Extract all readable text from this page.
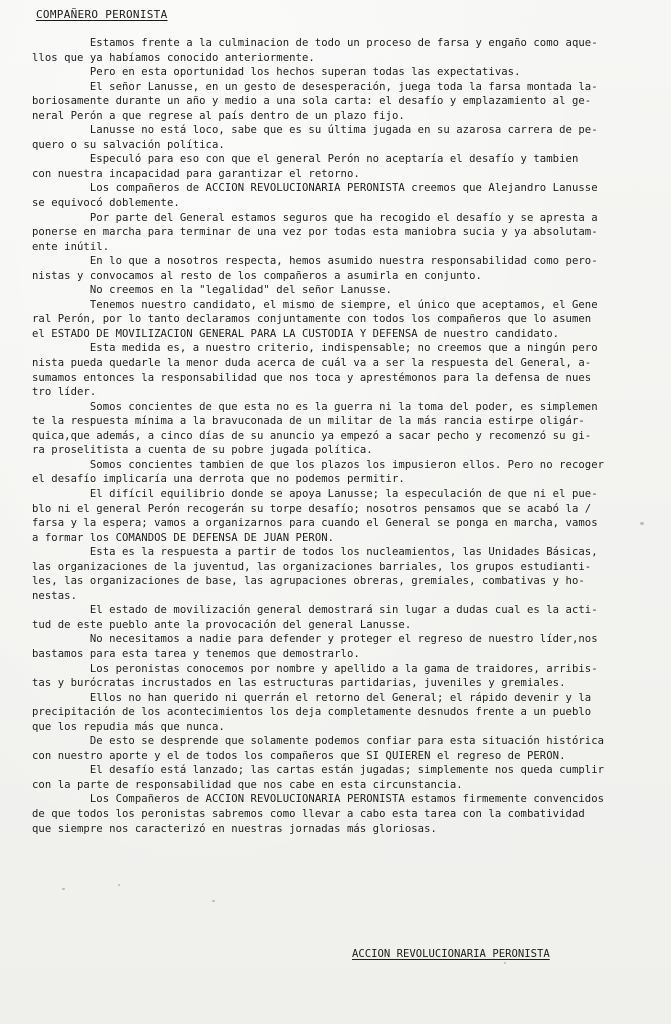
COMPAÑERO PERONISTA
Estamos frente a la culminacion de todo un proceso de farsa y engaño como aque-
llos que ya habíamos conocido anteriormente.
Pero en esta oportunidad los hechos superan todas las expectativas.
El señor Lanusse, en un gesto de desesperación, juega toda la farsa montada la-
boriosamente durante un año y medio a una sola carta: el desafío y emplazamiento al ge-
neral Perón a que regrese al país dentro de un plazo fijo.
Lanusse no está loco, sabe que es su última jugada en su azarosa carrera de pe-
quero o su salvación política.
Especuló para eso con que el general Perón no aceptaría el desafío y tambien
con nuestra incapacidad para garantizar el retorno.
Los compañeros de ACCION REVOLUCIONARIA PERONISTA creemos que Alejandro Lanusse
se equivocó doblemente.
Por parte del General estamos seguros que ha recogido el desafío y se apresta a
ponerse en marcha para terminar de una vez por todas esta maniobra sucia y ya absolutam-
ente inútil.
En lo que a nosotros respecta, hemos asumido nuestra responsabilidad como pero-
nistas y convocamos al resto de los compañeros a asumirla en conjunto.
No creemos en la "legalidad" del señor Lanusse.
Tenemos nuestro candidato, el mismo de siempre, el único que aceptamos, el Gene
ral Perón, por lo tanto declaramos conjuntamente con todos los compañeros que lo asumen
el ESTADO DE MOVILIZACION GENERAL PARA LA CUSTODIA Y DEFENSA de nuestro candidato.
Esta medida es, a nuestro criterio, indispensable; no creemos que a ningún pero
nista pueda quedarle la menor duda acerca de cuál va a ser la respuesta del General, a-
sumamos entonces la responsabilidad que nos toca y aprestémonos para la defensa de nues
tro líder.
Somos concientes de que esta no es la guerra ni la toma del poder, es simplemen
te la respuesta mínima a la bravuconada de un militar de la más rancia estirpe oligár-
quica,que además, a cinco días de su anuncio ya empezó a sacar pecho y recomenzó su gi-
ra proselitista a cuenta de su pobre jugada política.
Somos concientes tambien de que los plazos los impusieron ellos. Pero no recoger
el desafío implicaría una derrota que no podemos permitir.
El difícil equilibrio donde se apoya Lanusse; la especulación de que ni el pue-
blo ni el general Perón recogerán su torpe desafío; nosotros pensamos que se acabó la /
farsa y la espera; vamos a organizarnos para cuando el General se ponga en marcha, vamos
a formar los COMANDOS DE DEFENSA DE JUAN PERON.
Esta es la respuesta a partir de todos los nucleamientos, las Unidades Básicas,
las organizaciones de la juventud, las organizaciones barriales, los grupos estudianti-
les, las organizaciones de base, las agrupaciones obreras, gremiales, combativas y ho-
nestas.
El estado de movilización general demostrará sin lugar a dudas cual es la acti-
tud de este pueblo ante la provocación del general Lanusse.
No necesitamos a nadie para defender y proteger el regreso de nuestro líder,nos
bastamos para esta tarea y tenemos que demostrarlo.
Los peronistas conocemos por nombre y apellido a la gama de traidores, arribis-
tas y burócratas incrustados en las estructuras partidarias, juveniles y gremiales.
Ellos no han querido ni querrán el retorno del General; el rápido devenir y la
precipitación de los acontecimientos los deja completamente desnudos frente a un pueblo
que los repudia más que nunca.
De esto se desprende que solamente podemos confiar para esta situación histórica
con nuestro aporte y el de todos los compañeros que SI QUIEREN el regreso de PERON.
El desafío está lanzado; las cartas están jugadas; simplemente nos queda cumplir
con la parte de responsabilidad que nos cabe en esta circunstancia.
Los Compañeros de ACCION REVOLUCIONARIA PERONISTA estamos firmemente convencidos
de que todos los peronistas sabremos como llevar a cabo esta tarea con la combatividad
que siempre nos caracterizó en nuestras jornadas más gloriosas.

ACCION REVOLUCIONARIA PERONISTA
